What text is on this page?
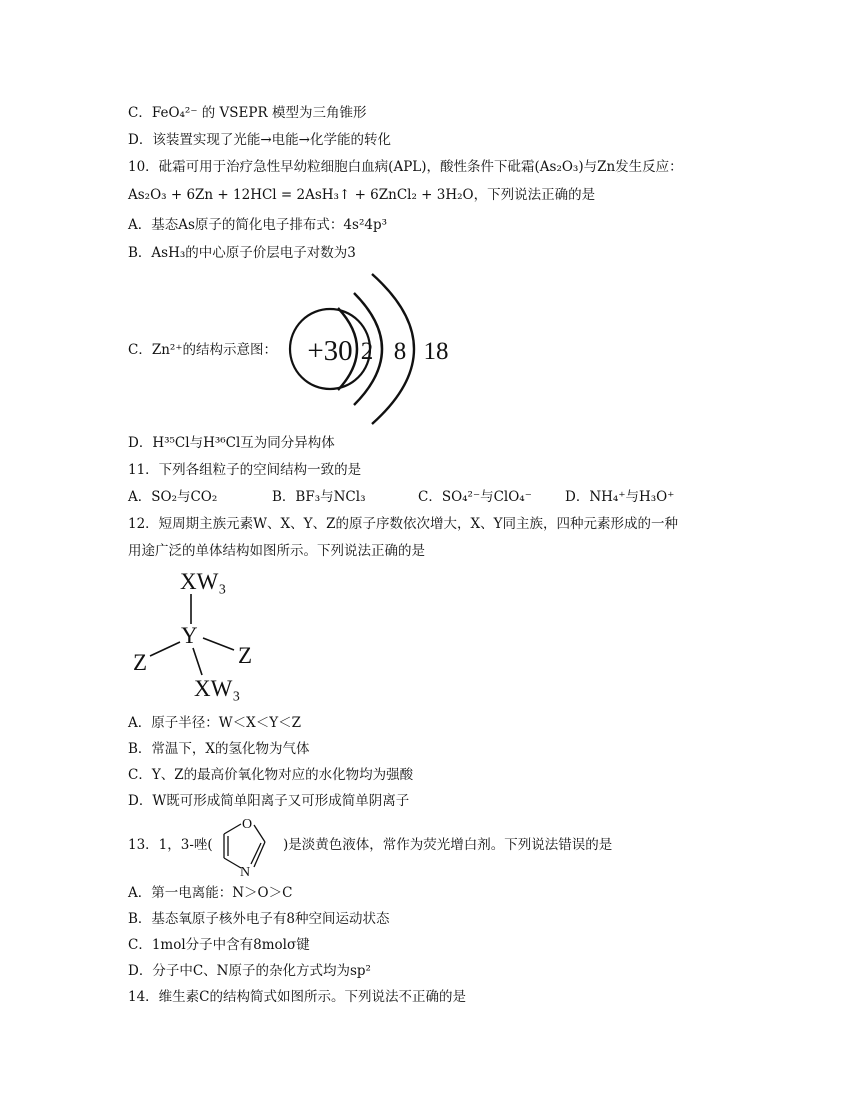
C．FeO₄²⁻ 的 VSEPR 模型为三角锥形
D．该装置实现了光能→电能→化学能的转化
10．砒霜可用于治疗急性早幼粒细胞白血病(APL)，酸性条件下砒霜(As₂O₃)与Zn发生反应：
As₂O₃ + 6Zn + 12HCl = 2AsH₃↑ + 6ZnCl₂ + 3H₂O，下列说法正确的是
A．基态As原子的简化电子排布式：4s²4p³
B．AsH₃的中心原子价层电子对数为3
C．Zn²⁺的结构示意图： +30 2 8 18
D．H³⁵Cl与H³⁶Cl互为同分异构体
11．下列各组粒子的空间结构一致的是
A．SO₂与CO₂	B．BF₃与NCl₃	C．SO₄²⁻与ClO₄⁻ D．NH₄⁺与H₃O⁺
12．短周期主族元素W、X、Y、Z的原子序数依次增大，X、Y同主族，四种元素形成的一种
用途广泛的单体结构如图所示。下列说法正确的是
XW₃
Y
Z	Z
XW₃
A．原子半径：W＜X＜Y＜Z
B．常温下，X的氢化物为气体
C．Y、Z的最高价氧化物对应的水化物均为强酸
D．W既可形成简单阳离子又可形成简单阴离子
13．1，3-唑(
O
N
)是淡黄色液体，常作为荧光增白剂。下列说法错误的是
A．第一电离能：N＞O＞C
B．基态氧原子核外电子有8种空间运动状态
C．1mol分子中含有8molσ键
D．分子中C、N原子的杂化方式均为sp²
14．维生素C的结构简式如图所示。下列说法不正确的是
